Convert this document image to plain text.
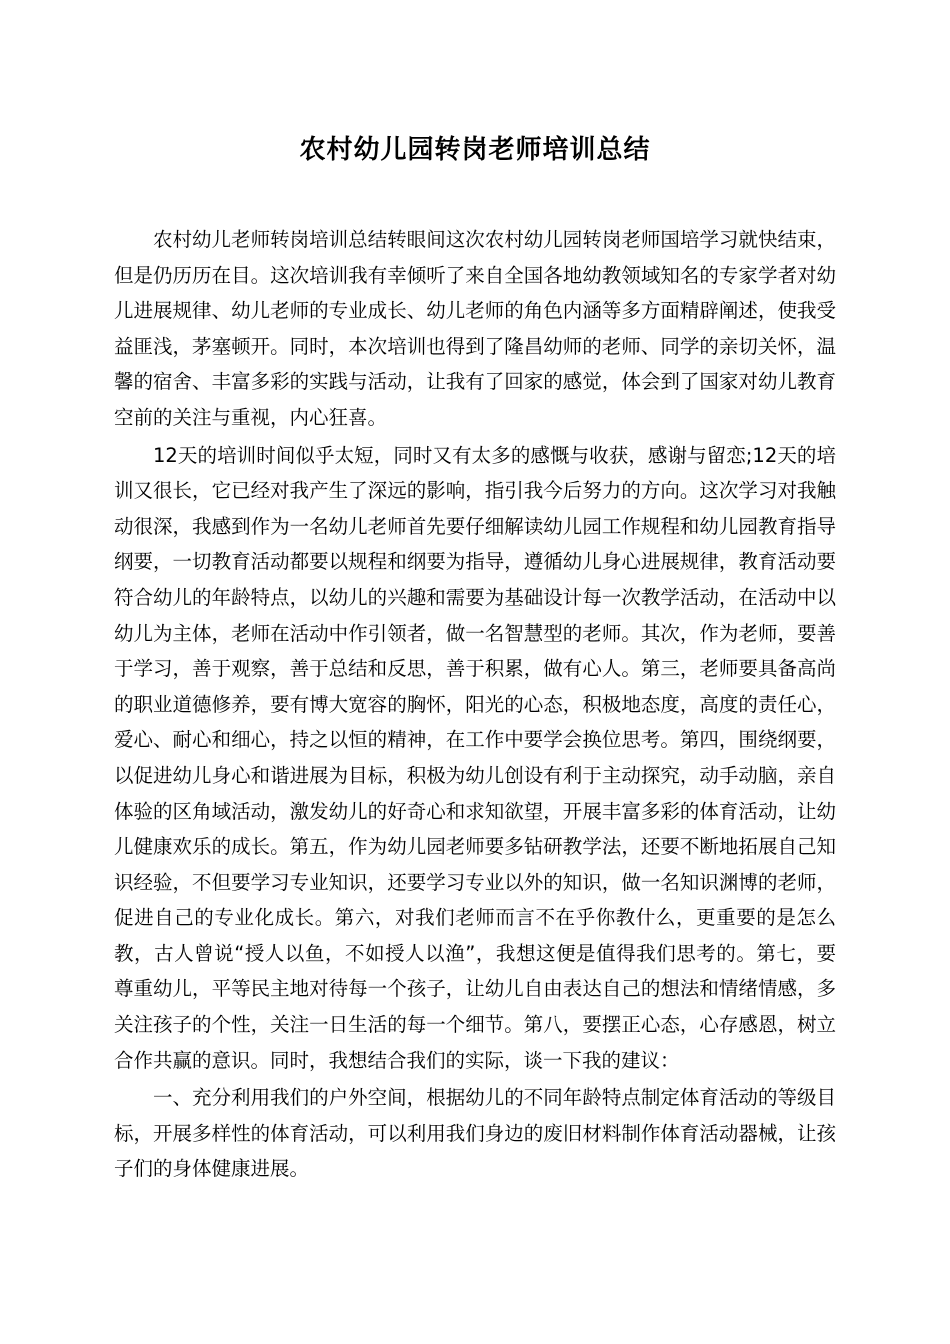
农村幼儿园转岗老师培训总结

农村幼儿老师转岗培训总结转眼间这次农村幼儿园转岗老师国培学习就快结束，但是仍历历在目。这次培训我有幸倾听了来自全国各地幼教领域知名的专家学者对幼儿进展规律、幼儿老师的专业成长、幼儿老师的角色内涵等多方面精辟阐述，使我受益匪浅，茅塞顿开。同时，本次培训也得到了隆昌幼师的老师、同学的亲切关怀，温馨的宿舍、丰富多彩的实践与活动，让我有了回家的感觉，体会到了国家对幼儿教育空前的关注与重视，内心狂喜。

12天的培训时间似乎太短，同时又有太多的感慨与收获，感谢与留恋;12天的培训又很长，它已经对我产生了深远的影响，指引我今后努力的方向。这次学习对我触动很深，我感到作为一名幼儿老师首先要仔细解读幼儿园工作规程和幼儿园教育指导纲要，一切教育活动都要以规程和纲要为指导，遵循幼儿身心进展规律，教育活动要符合幼儿的年龄特点，以幼儿的兴趣和需要为基础设计每一次教学活动，在活动中以幼儿为主体，老师在活动中作引领者，做一名智慧型的老师。其次，作为老师，要善于学习，善于观察，善于总结和反思，善于积累，做有心人。第三，老师要具备高尚的职业道德修养，要有博大宽容的胸怀，阳光的心态，积极地态度，高度的责任心，爱心、耐心和细心，持之以恒的精神，在工作中要学会换位思考。第四，围绕纲要，以促进幼儿身心和谐进展为目标，积极为幼儿创设有利于主动探究，动手动脑，亲自体验的区角域活动，激发幼儿的好奇心和求知欲望，开展丰富多彩的体育活动，让幼儿健康欢乐的成长。第五，作为幼儿园老师要多钻研教学法，还要不断地拓展自己知识经验，不但要学习专业知识，还要学习专业以外的知识，做一名知识渊博的老师，促进自己的专业化成长。第六，对我们老师而言不在乎你教什么，更重要的是怎么教，古人曾说“授人以鱼，不如授人以渔”，我想这便是值得我们思考的。第七，要尊重幼儿，平等民主地对待每一个孩子，让幼儿自由表达自己的想法和情绪情感，多关注孩子的个性，关注一日生活的每一个细节。第八，要摆正心态，心存感恩，树立合作共赢的意识。同时，我想结合我们的实际，谈一下我的建议：

一、充分利用我们的户外空间，根据幼儿的不同年龄特点制定体育活动的等级目标，开展多样性的体育活动，可以利用我们身边的废旧材料制作体育活动器械，让孩子们的身体健康进展。
